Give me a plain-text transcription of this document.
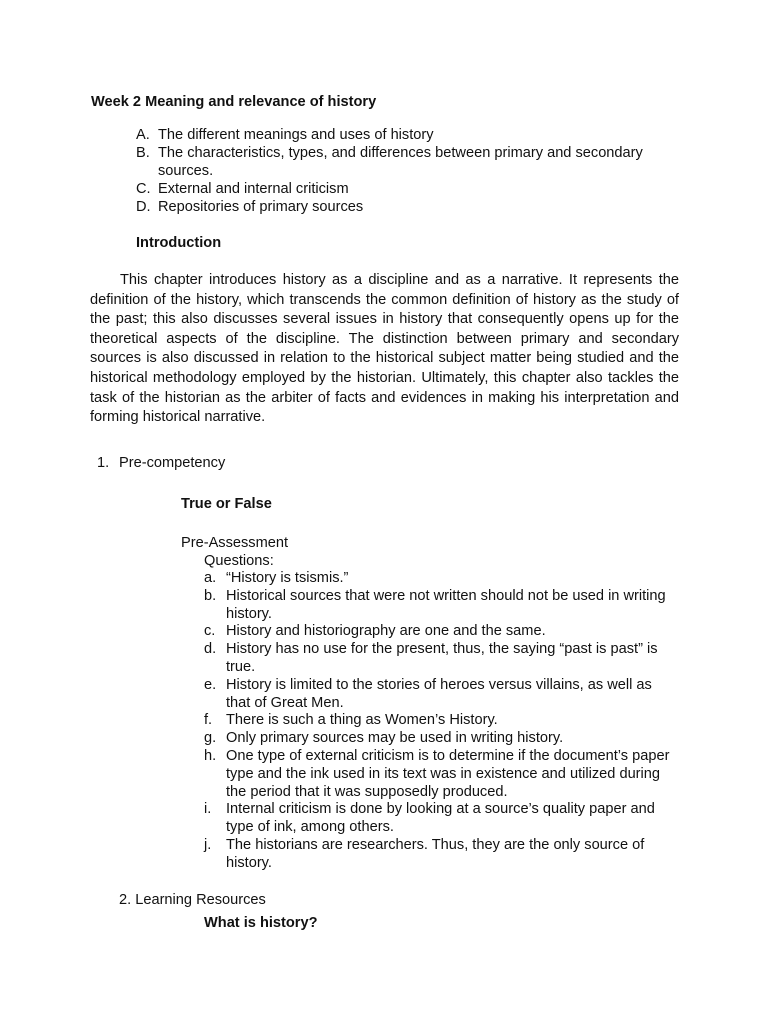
Week 2 Meaning and relevance of history
A. The different meanings and uses of history
B. The characteristics, types, and differences between primary and secondary sources.
C. External and internal criticism
D. Repositories of primary sources
Introduction
This chapter introduces history as a discipline and as a narrative. It represents the definition of the history, which transcends the common definition of history as the study of the past; this also discusses several issues in history that consequently opens up for the theoretical aspects of the discipline. The distinction between primary and secondary sources is also discussed in relation to the historical subject matter being studied and the historical methodology employed by the historian. Ultimately, this chapter also tackles the task of the historian as the arbiter of facts and evidences in making his interpretation and forming historical narrative.
1. Pre-competency
True or False
Pre-Assessment
Questions:
a. “History is tsismis.”
b. Historical sources that were not written should not be used in writing history.
c. History and historiography are one and the same.
d. History has no use for the present, thus, the saying “past is past” is true.
e. History is limited to the stories of heroes versus villains, as well as that of Great Men.
f. There is such a thing as Women’s History.
g. Only primary sources may be used in writing history.
h. One type of external criticism is to determine if the document’s paper type and the ink used in its text was in existence and utilized during the period that it was supposedly produced.
i.	Internal criticism is done by looking at a source’s quality paper and type of ink, among others.
j.	The historians are researchers. Thus, they are the only source of history.
2. Learning Resources
What is history?
